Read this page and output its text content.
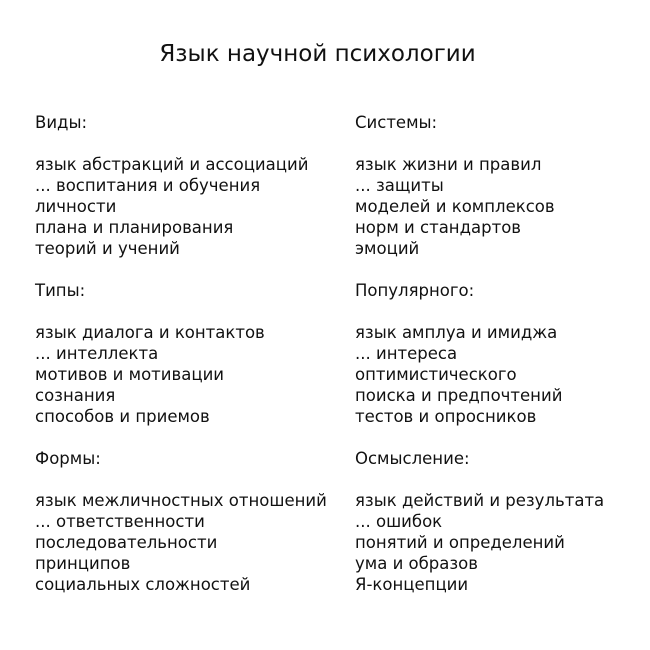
Язык научной психологии
Виды:
язык абстракций и ассоциаций
... воспитания и обучения
личности
плана и планирования
теорий и учений
Типы:
язык диалога и контактов
... интеллекта
мотивов и мотивации
сознания
способов и приемов
Формы:
язык межличностных отношений
... ответственности
последовательности
принципов
социальных сложностей
Системы:
язык жизни и правил
... защиты
моделей и комплексов
норм и стандартов
эмоций
Популярного:
язык амплуа и имиджа
... интереса
оптимистического
поиска и предпочтений
тестов и опросников
Осмысление:
язык действий и результата
... ошибок
понятий и определений
ума и образов
Я-концепции
